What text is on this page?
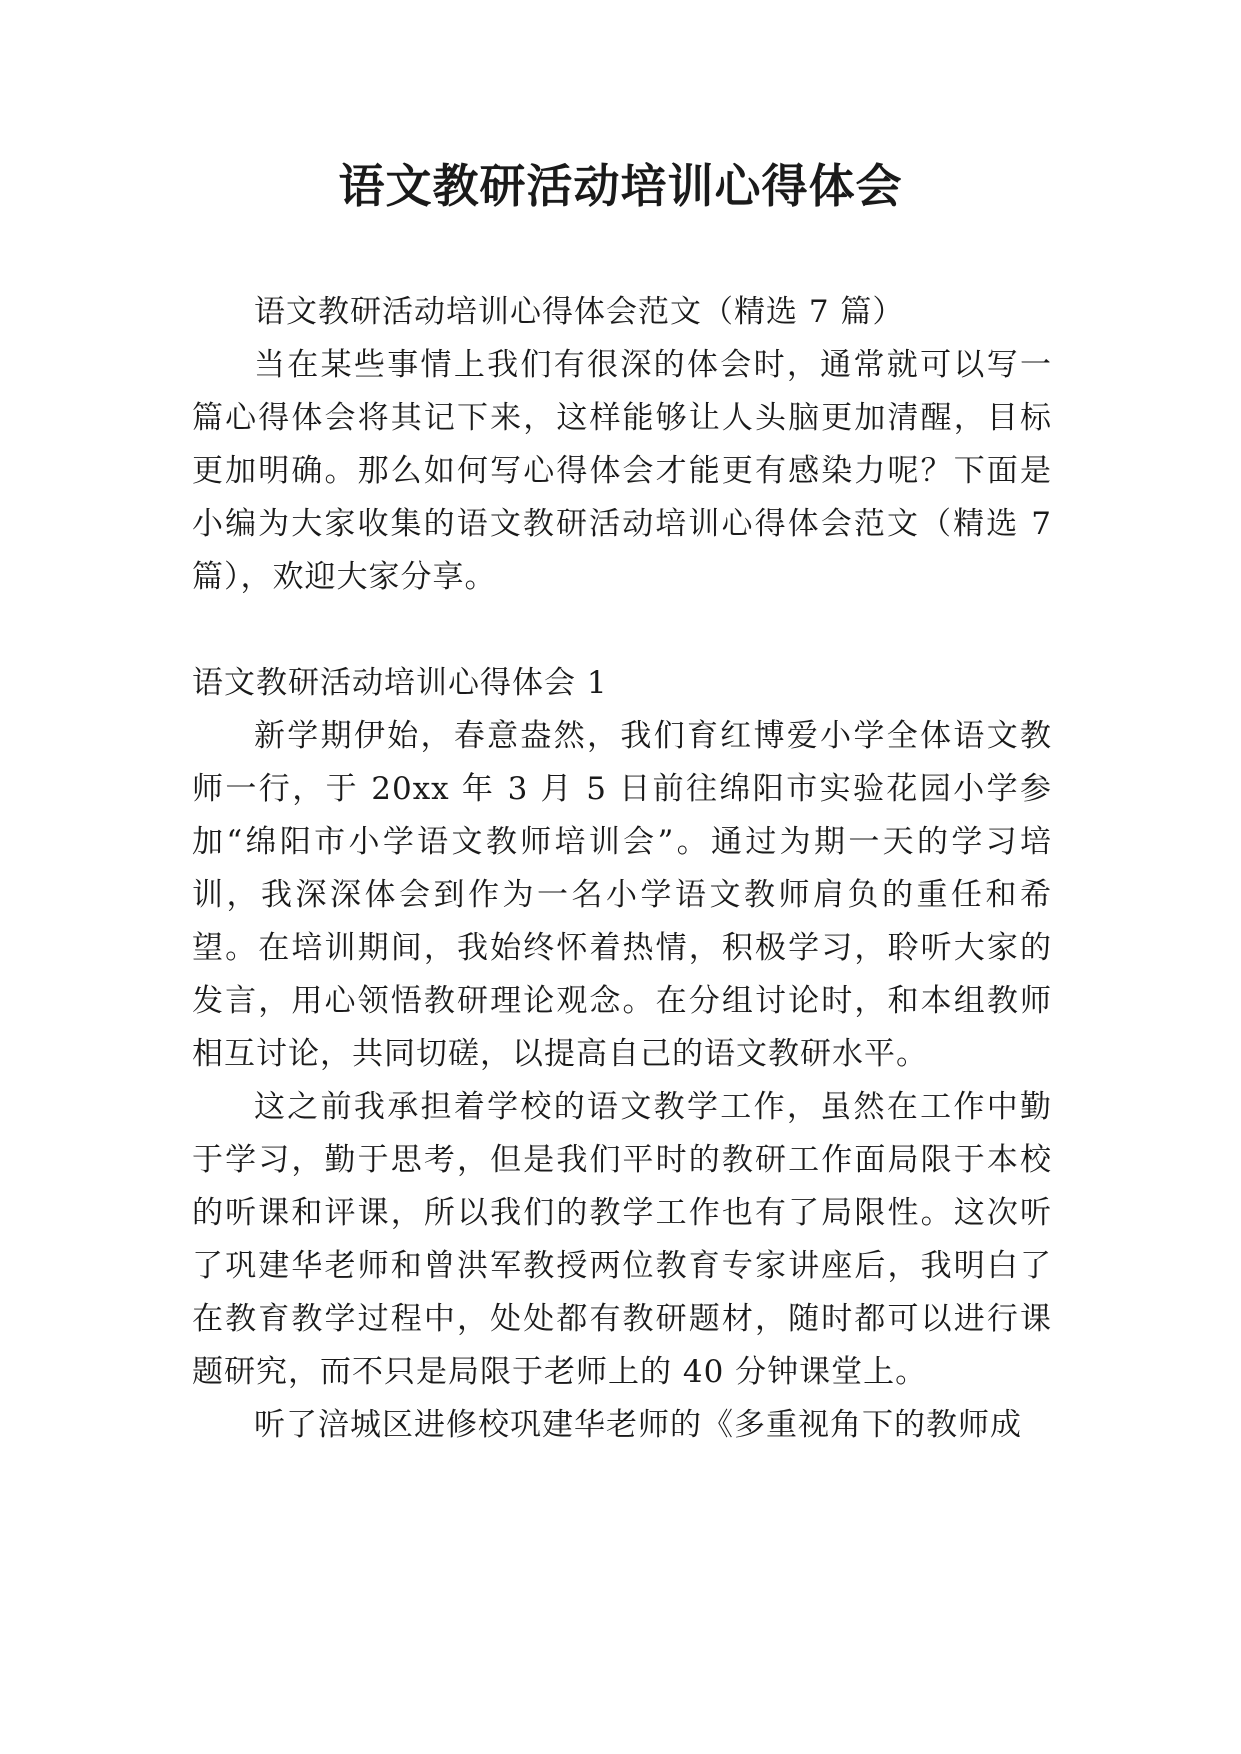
语文教研活动培训心得体会

语文教研活动培训心得体会范文（精选 7 篇）

当在某些事情上我们有很深的体会时，通常就可以写一篇心得体会将其记下来，这样能够让人头脑更加清醒，目标更加明确。那么如何写心得体会才能更有感染力呢？下面是小编为大家收集的语文教研活动培训心得体会范文（精选 7 篇），欢迎大家分享。

语文教研活动培训心得体会 1

新学期伊始，春意盎然，我们育红博爱小学全体语文教师一行，于 20xx 年 3 月 5 日前往绵阳市实验花园小学参加“绵阳市小学语文教师培训会”。通过为期一天的学习培训，我深深体会到作为一名小学语文教师肩负的重任和希望。在培训期间，我始终怀着热情，积极学习，聆听大家的发言，用心领悟教研理论观念。在分组讨论时，和本组教师相互讨论，共同切磋，以提高自己的语文教研水平。

这之前我承担着学校的语文教学工作，虽然在工作中勤于学习，勤于思考，但是我们平时的教研工作面局限于本校的听课和评课，所以我们的教学工作也有了局限性。这次听了巩建华老师和曾洪军教授两位教育专家讲座后，我明白了在教育教学过程中，处处都有教研题材，随时都可以进行课题研究，而不只是局限于老师上的 40 分钟课堂上。

听了涪城区进修校巩建华老师的《多重视角下的教师成
